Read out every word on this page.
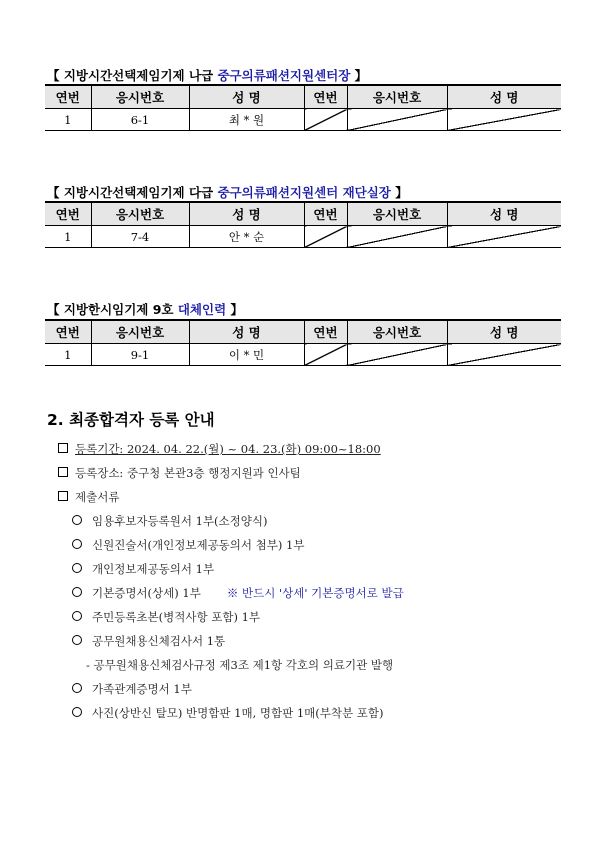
【 지방시간선택제임기제 나급 중구의류패션지원센터장 】
연번	응시번호	성 명	연번	응시번호	성 명
1	6-1	최 * 원			
【 지방시간선택제임기제 다급 중구의류패션지원센터 재단실장 】
연번	응시번호	성 명	연번	응시번호	성 명
1	7-4	안 * 순			
【 지방한시임기제 9호 대체인력 】
연번	응시번호	성 명	연번	응시번호	성 명
1	9-1	이 * 민			
2. 최종합격자 등록 안내
등록기간: 2024. 04. 22.(월) ~ 04. 23.(화) 09:00~18:00
등록장소: 중구청 본관3층 행정지원과 인사팀
제출서류
임용후보자등록원서 1부(소정양식)
신원진술서(개인정보제공동의서 첨부) 1부
개인정보제공동의서 1부
기본증명서(상세) 1부 ※ 반드시 '상세' 기본증명서로 발급
주민등록초본(병적사항 포함) 1부
공무원채용신체검사서 1통
- 공무원채용신체검사규정 제3조 제1항 각호의 의료기관 발행
가족관계증명서 1부
사진(상반신 탈모) 반명함판 1매, 명함판 1매(부착분 포함)
